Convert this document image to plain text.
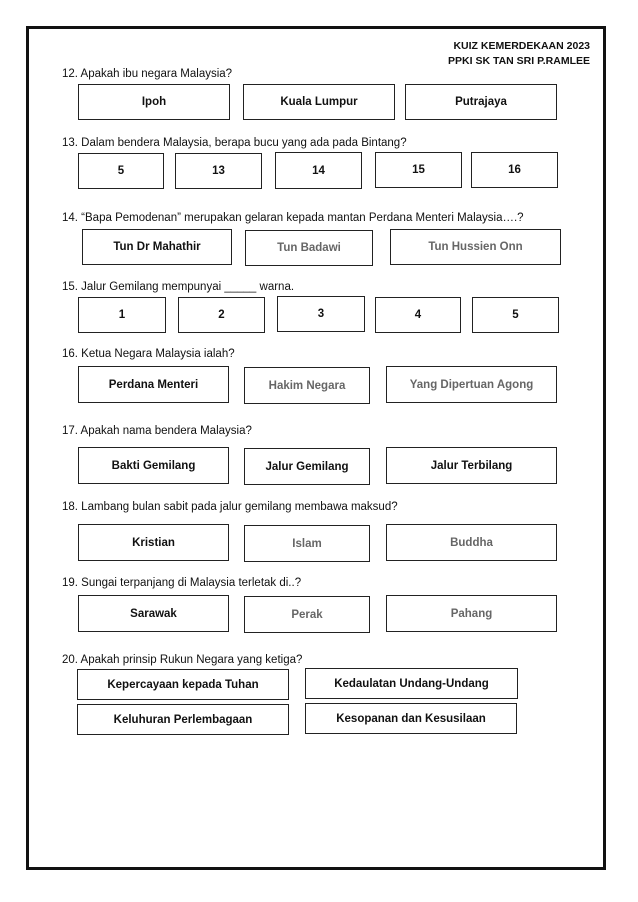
KUIZ KEMERDEKAAN 2023
PPKI SK TAN SRI P.RAMLEE
12. Apakah ibu negara Malaysia?
Ipoh	Kuala Lumpur	Putrajaya
13. Dalam bendera Malaysia, berapa bucu yang ada pada Bintang?
5	13	14	15	16
14. “Bapa Pemodenan” merupakan gelaran kepada mantan Perdana Menteri Malaysia….?
Tun Dr Mahathir	Tun Badawi	Tun Hussien Onn
15. Jalur Gemilang mempunyai _____ warna.
1	2	3	4	5
16. Ketua Negara Malaysia ialah?
Perdana Menteri	Hakim Negara	Yang Dipertuan Agong
17. Apakah nama bendera Malaysia?
Bakti Gemilang	Jalur Gemilang	Jalur Terbilang
18. Lambang bulan sabit pada jalur gemilang membawa maksud?
Kristian	Islam	Buddha
19. Sungai terpanjang di Malaysia terletak di..?
Sarawak	Perak	Pahang
20. Apakah prinsip Rukun Negara yang ketiga?
Kepercayaan kepada Tuhan	Kedaulatan Undang-Undang
Keluhuran Perlembagaan	Kesopanan dan Kesusilaan
